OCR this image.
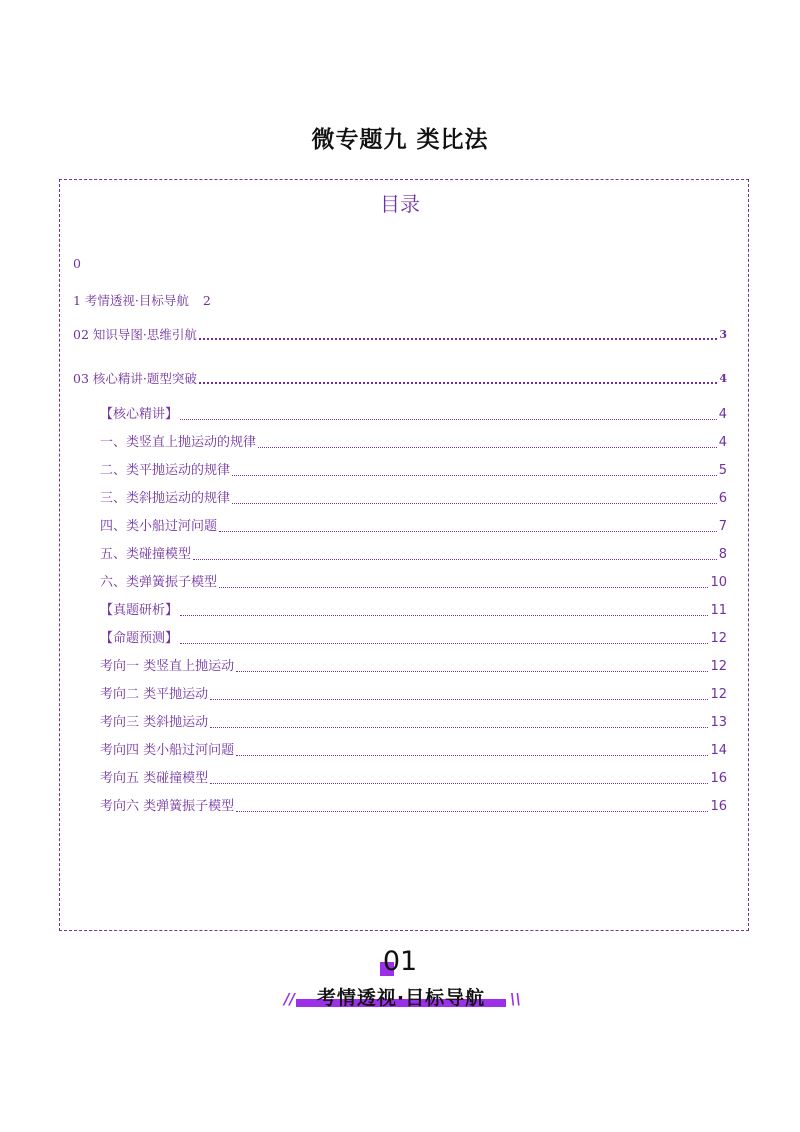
微专题九 类比法
目录
0
1 考情透视·目标导航 2
02 知识导图·思维引航	3
03 核心精讲·题型突破	4
【核心精讲】	4
一、类竖直上抛运动的规律	4
二、类平抛运动的规律	5
三、类斜抛运动的规律	6
四、类小船过河问题	7
五、类碰撞模型	8
六、类弹簧振子模型	10
【真题研析】	11
【命题预测】	12
考向一 类竖直上抛运动	12
考向二 类平抛运动	12
考向三 类斜抛运动	13
考向四 类小船过河问题	14
考向五 类碰撞模型	16
考向六 类弹簧振子模型	16
01
//	考情透视·目标导航	\\
